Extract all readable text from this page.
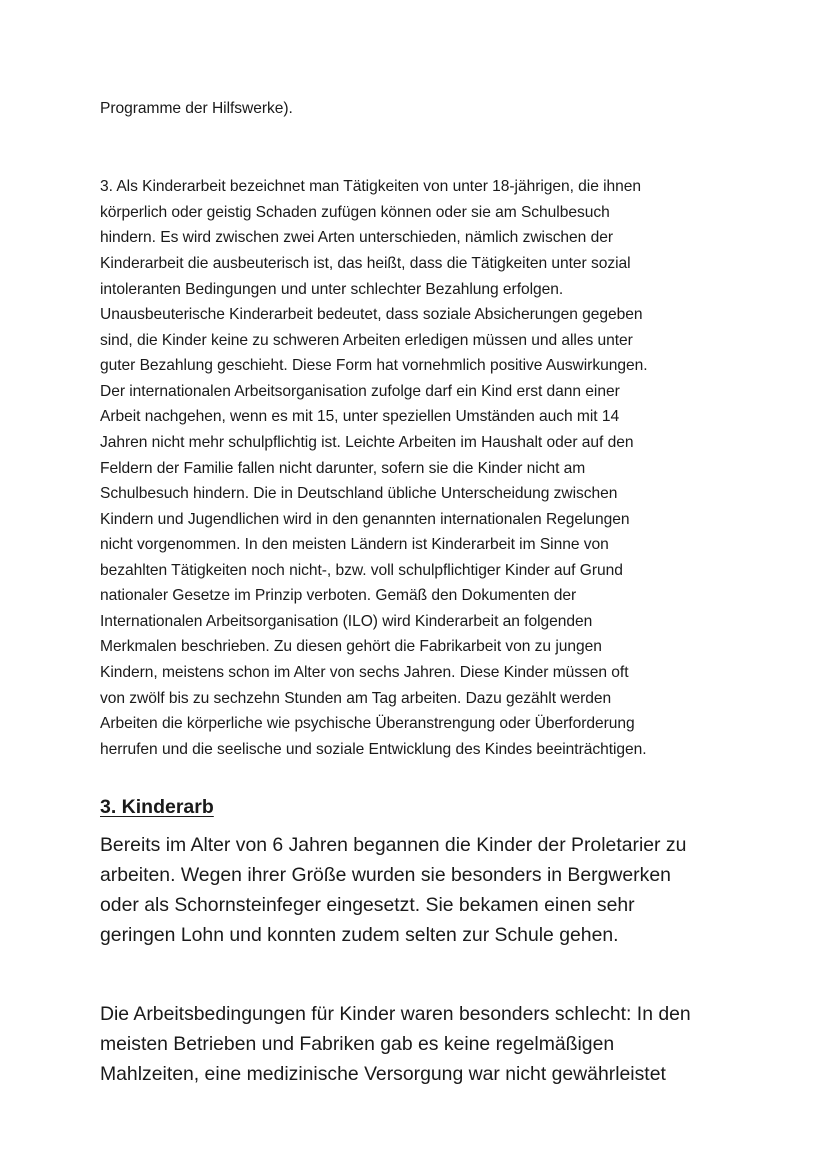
Programme der Hilfswerke).

3. Als Kinderarbeit bezeichnet man Tätigkeiten von unter 18-jährigen, die ihnen

körperlich oder geistig Schaden zufügen können oder sie am Schulbesuch

hindern. Es wird zwischen zwei Arten unterschieden, nämlich zwischen der

Kinderarbeit die ausbeuterisch ist, das heißt, dass die Tätigkeiten unter sozial

intoleranten Bedingungen und unter schlechter Bezahlung erfolgen.

Unausbeuterische Kinderarbeit bedeutet, dass soziale Absicherungen gegeben

sind, die Kinder keine zu schweren Arbeiten erledigen müssen und alles unter

guter Bezahlung geschieht. Diese Form hat vornehmlich positive Auswirkungen.

Der internationalen Arbeitsorganisation zufolge darf ein Kind erst dann einer

Arbeit nachgehen, wenn es mit 15, unter speziellen Umständen auch mit 14

Jahren nicht mehr schulpflichtig ist. Leichte Arbeiten im Haushalt oder auf den

Feldern der Familie fallen nicht darunter, sofern sie die Kinder nicht am

Schulbesuch hindern. Die in Deutschland übliche Unterscheidung zwischen

Kindern und Jugendlichen wird in den genannten internationalen Regelungen

nicht vorgenommen. In den meisten Ländern ist Kinderarbeit im Sinne von

bezahlten Tätigkeiten noch nicht-, bzw. voll schulpflichtiger Kinder auf Grund

nationaler Gesetze im Prinzip verboten. Gemäß den Dokumenten der

Internationalen Arbeitsorganisation (ILO) wird Kinderarbeit an folgenden

Merkmalen beschrieben. Zu diesen gehört die Fabrikarbeit von zu jungen

Kindern, meistens schon im Alter von sechs Jahren. Diese Kinder müssen oft

von zwölf bis zu sechzehn Stunden am Tag arbeiten. Dazu gezählt werden

Arbeiten die körperliche wie psychische Überanstrengung oder Überforderung

herrufen und die seelische und soziale Entwicklung des Kindes beeinträchtigen.

3. Kinderarb

Bereits im Alter von 6 Jahren begannen die Kinder der Proletarier zu

arbeiten. Wegen ihrer Größe wurden sie besonders in Bergwerken

oder als Schornsteinfeger eingesetzt. Sie bekamen einen sehr

geringen Lohn und konnten zudem selten zur Schule gehen.

Die Arbeitsbedingungen für Kinder waren besonders schlecht: In den

meisten Betrieben und Fabriken gab es keine regelmäßigen

Mahlzeiten, eine medizinische Versorgung war nicht gewährleistet
